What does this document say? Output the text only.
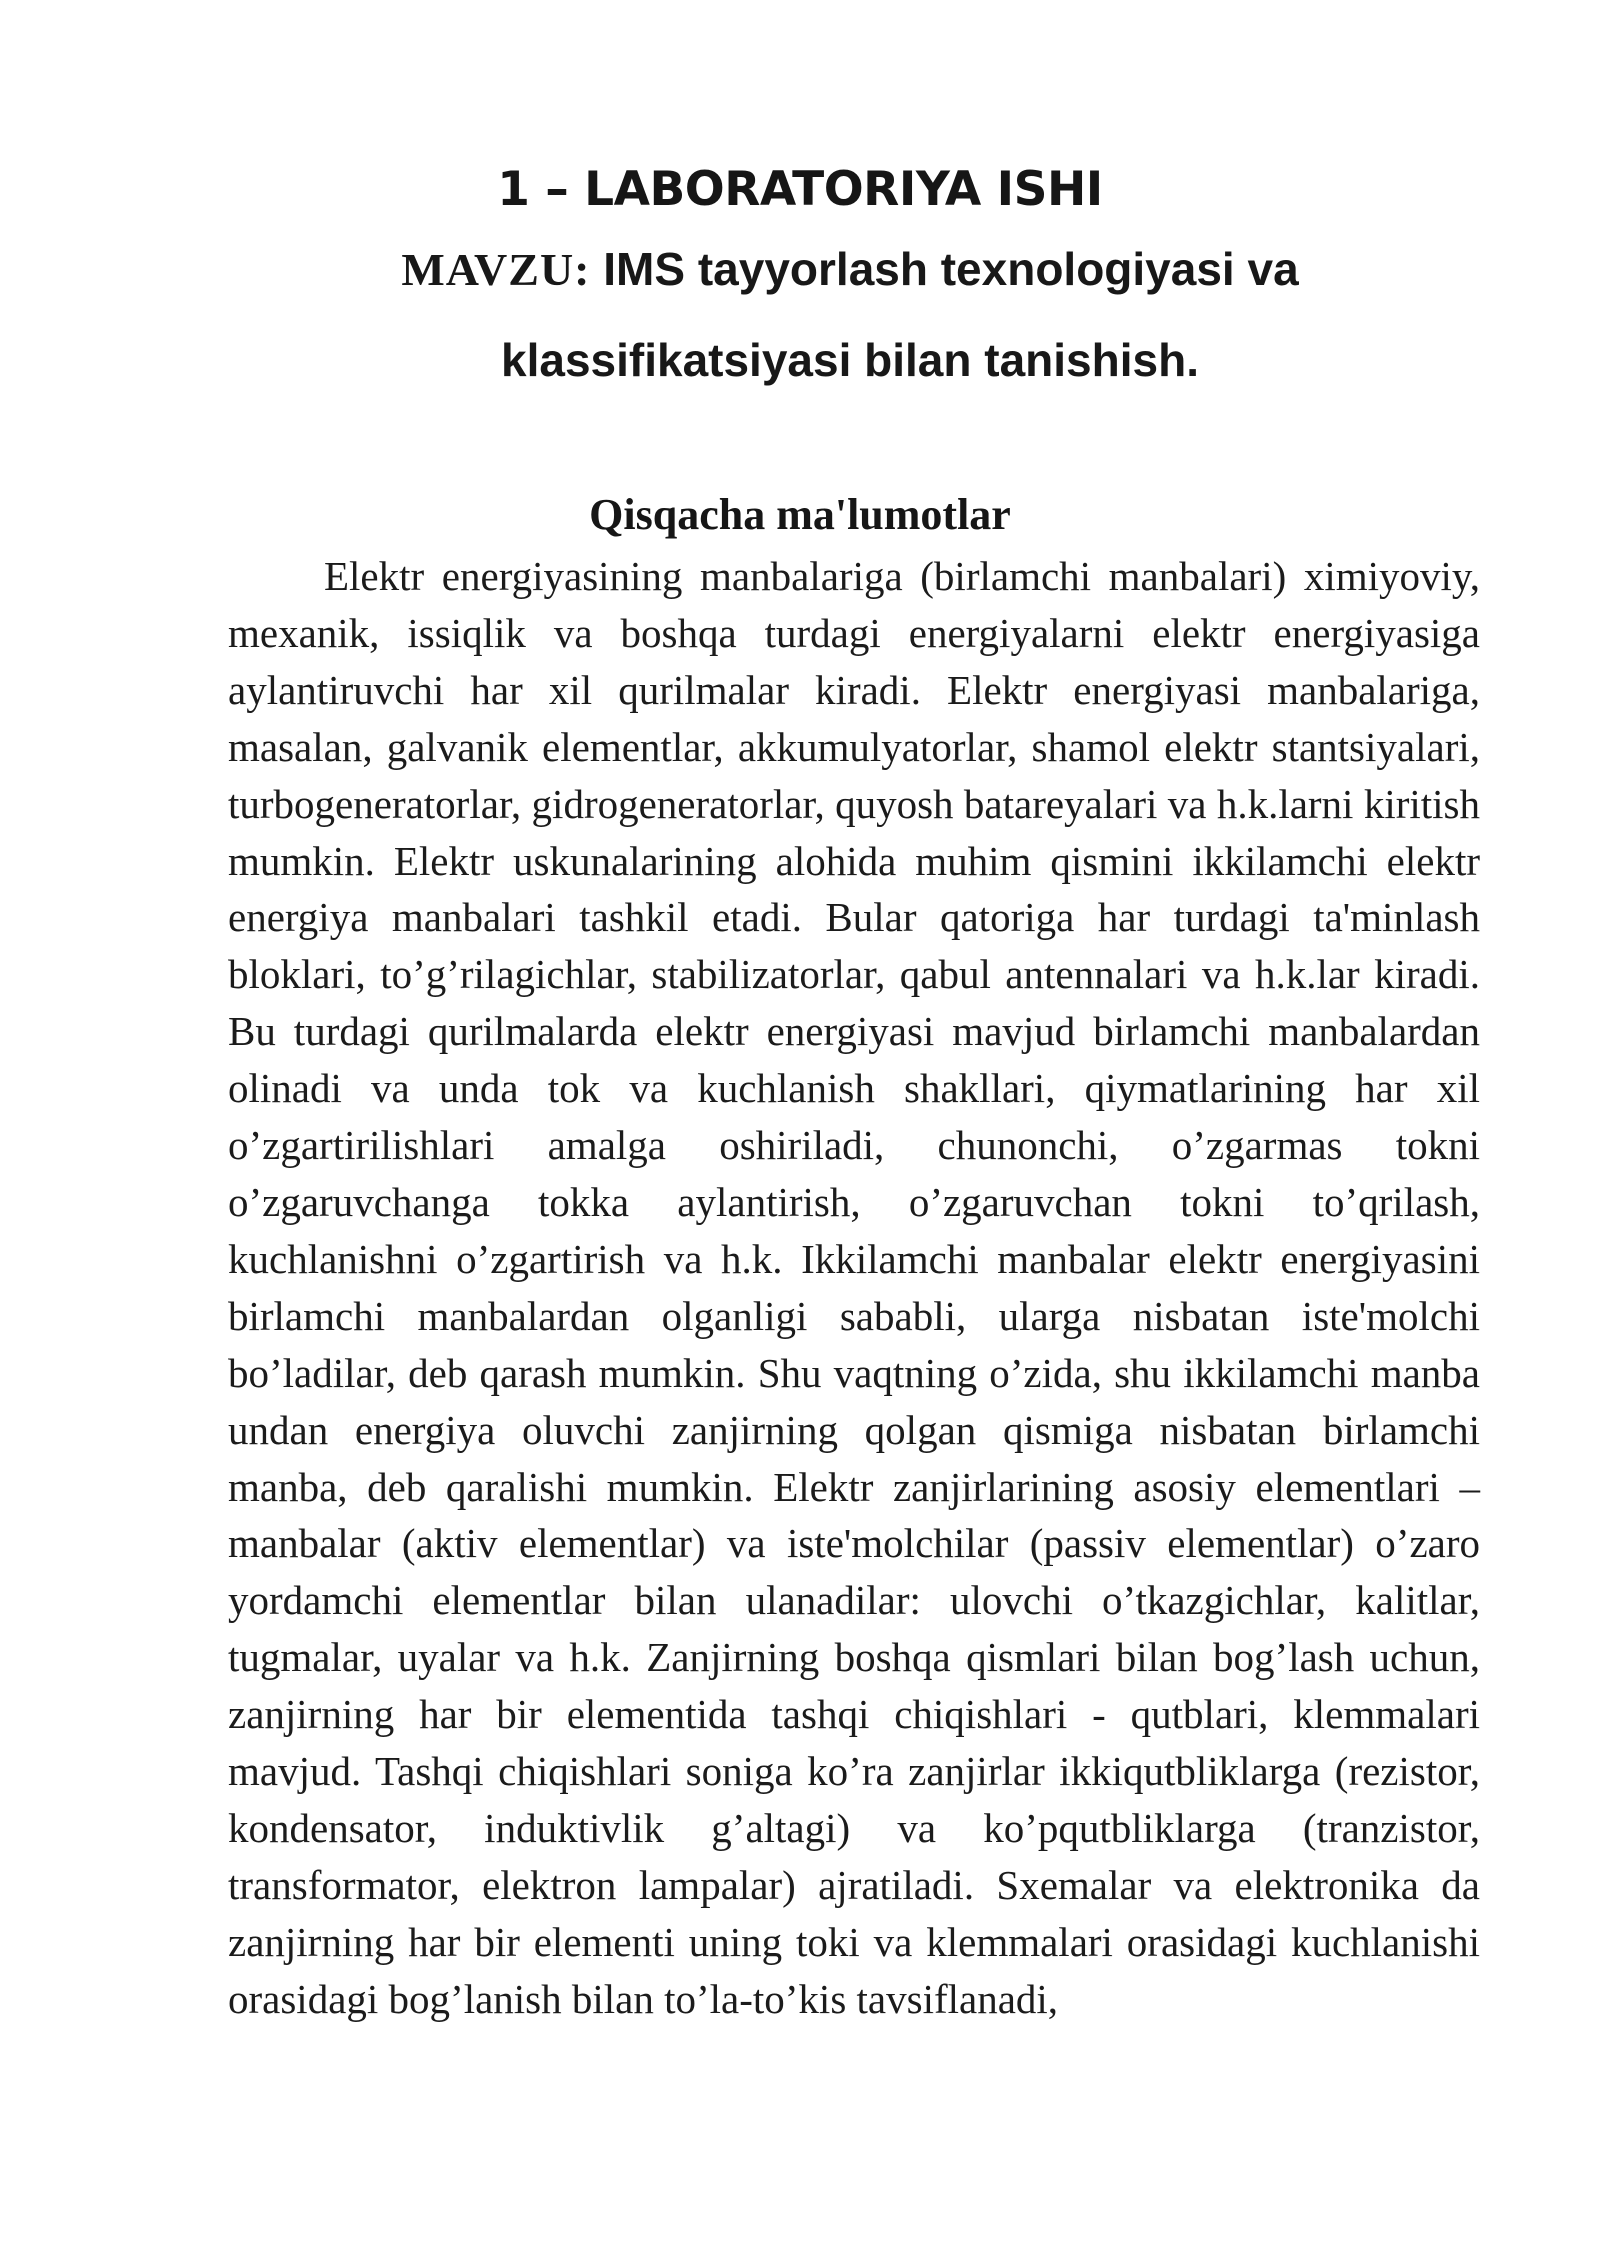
1 – LABORATORIYA ISHI
MAVZU: IMS tayyorlash texnologiyasi va klassifikatsiyasi bilan tanishish.
Qisqacha ma'lumotlar

Elektr energiyasining manbalariga (birlamchi manbalari) ximiyoviy, mexanik, issiqlik va boshqa turdagi energiyalarni elektr energiyasiga aylantiruvchi har xil qurilmalar kiradi. Elektr energiyasi manbalariga, masalan, galvanik elementlar, akkumulyatorlar, shamol elektr stantsiyalari, turbogeneratorlar, gidrogeneratorlar, quyosh batareyalari va h.k.larni kiritish mumkin. Elektr uskunalarining alohida muhim qismini ikkilamchi elektr energiya manbalari tashkil etadi. Bular qatoriga har turdagi ta'minlash bloklari, to’g’rilagichlar, stabilizatorlar, qabul antennalari va h.k.lar kiradi. Bu turdagi qurilmalarda elektr energiyasi mavjud birlamchi manbalardan olinadi va unda tok va kuchlanish shakllari, qiymatlarining har xil o’zgartirilishlari amalga oshiriladi, chunonchi, o’zgarmas tokni o’zgaruvchanga tokka aylantirish, o’zgaruvchan tokni to’qrilash, kuchlanishni o’zgartirish va h.k. Ikkilamchi manbalar elektr energiyasini birlamchi manbalardan olganligi sababli, ularga nisbatan iste'molchi bo’ladilar, deb qarash mumkin. Shu vaqtning o’zida, shu ikkilamchi manba undan energiya oluvchi zanjirning qolgan qismiga nisbatan birlamchi manba, deb qaralishi mumkin. Elektr zanjirlarining asosiy elementlari – manbalar (aktiv elementlar) va iste'molchilar (passiv elementlar) o’zaro yordamchi elementlar bilan ulanadilar: ulovchi o’tkazgichlar, kalitlar, tugmalar, uyalar va h.k. Zanjirning boshqa qismlari bilan bog’lash uchun, zanjirning har bir elementida tashqi chiqishlari - qutblari, klemmalari mavjud. Tashqi chiqishlari soniga ko’ra zanjirlar ikkiqutbliklarga (rezistor, kondensator, induktivlik g’altagi) va ko’pqutbliklarga (tranzistor, transformator, elektron lampalar) ajratiladi. Sxemalar va elektronika da zanjirning har bir elementi uning toki va klemmalari orasidagi kuchlanishi orasidagi bog’lanish bilan to’la-to’kis tavsiflanadi,
